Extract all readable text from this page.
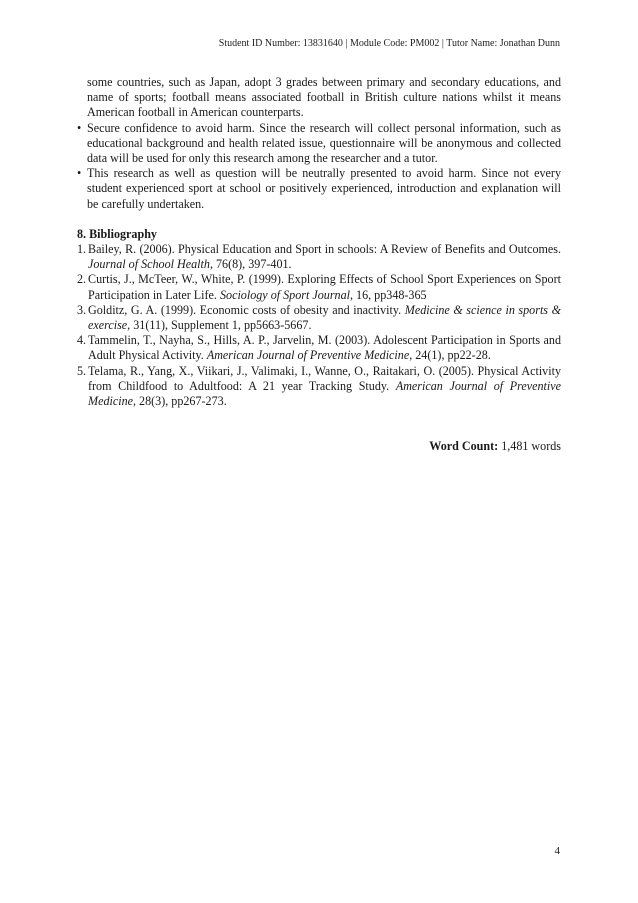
Student ID Number: 13831640 | Module Code: PM002 | Tutor Name: Jonathan Dunn

some countries, such as Japan, adopt 3 grades between primary and secondary educations, and name of sports; football means associated football in British culture nations whilst it means American football in American counterparts.

• Secure confidence to avoid harm. Since the research will collect personal information, such as educational background and health related issue, questionnaire will be anonymous and collected data will be used for only this research among the researcher and a tutor.
• This research as well as question will be neutrally presented to avoid harm. Since not every student experienced sport at school or positively experienced, introduction and explanation will be carefully undertaken.
8. Bibliography
1. Bailey, R. (2006). Physical Education and Sport in schools: A Review of Benefits and Outcomes. Journal of School Health, 76(8), 397-401.
2. Curtis, J., McTeer, W., White, P. (1999). Exploring Effects of School Sport Experiences on Sport Participation in Later Life. Sociology of Sport Journal, 16, pp348-365
3. Golditz, G. A. (1999). Economic costs of obesity and inactivity. Medicine & science in sports & exercise, 31(11), Supplement 1, pp5663-5667.
4. Tammelin, T., Nayha, S., Hills, A. P., Jarvelin, M. (2003). Adolescent Participation in Sports and Adult Physical Activity. American Journal of Preventive Medicine, 24(1), pp22-28.
5. Telama, R., Yang, X., Viikari, J., Valimaki, I., Wanne, O., Raitakari, O. (2005). Physical Activity from Childfood to Adultfood: A 21 year Tracking Study. American Journal of Preventive Medicine, 28(3), pp267-273.
Word Count: 1,481 words
4
